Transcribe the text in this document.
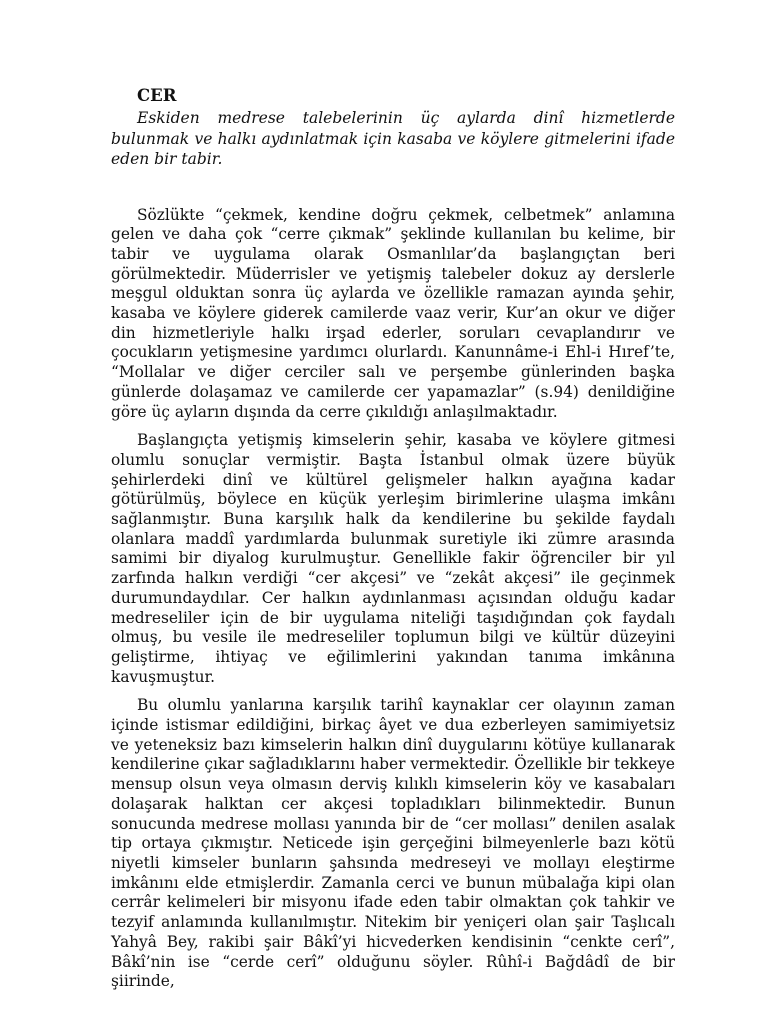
CER

Eskiden medrese talebelerinin üç aylarda dinî hizmetlerde bulunmak ve halkı aydınlatmak için kasaba ve köylere gitmelerini ifade eden bir tabir.

Sözlükte “çekmek, kendine doğru çekmek, celbetmek” anlamına gelen ve daha çok “cerre çıkmak” şeklinde kullanılan bu kelime, bir tabir ve uygulama olarak Osmanlılar’da başlangıçtan beri görülmektedir. Müderrisler ve yetişmiş talebeler dokuz ay derslerle meşgul olduktan sonra üç aylarda ve özellikle ramazan ayında şehir, kasaba ve köylere giderek camilerde vaaz verir, Kur’an okur ve diğer din hizmetleriyle halkı irşad ederler, soruları cevaplandırır ve çocukların yetişmesine yardımcı olurlardı. Kanunnâme-i Ehl-i Hıref’te, “Mollalar ve diğer cerciler salı ve perşembe günlerinden başka günlerde dolaşamaz ve camilerde cer yapamazlar” (s.94) denildiğine göre üç ayların dışında da cerre çıkıldığı anlaşılmaktadır.

Başlangıçta yetişmiş kimselerin şehir, kasaba ve köylere gitmesi olumlu sonuçlar vermiştir. Başta İstanbul olmak üzere büyük şehirlerdeki dinî ve kültürel gelişmeler halkın ayağına kadar götürülmüş, böylece en küçük yerleşim birimlerine ulaşma imkânı sağlanmıştır. Buna karşılık halk da kendilerine bu şekilde faydalı olanlara maddî yardımlarda bulunmak suretiyle iki zümre arasında samimi bir diyalog kurulmuştur. Genellikle fakir öğrenciler bir yıl zarfında halkın verdiği “cer akçesi” ve “zekât akçesi” ile geçinmek durumundaydılar. Cer halkın aydınlanması açısından olduğu kadar medreseliler için de bir uygulama niteliği taşıdığından çok faydalı olmuş, bu vesile ile medreseliler toplumun bilgi ve kültür düzeyini geliştirme, ihtiyaç ve eğilimlerini yakından tanıma imkânına kavuşmuştur.

Bu olumlu yanlarına karşılık tarihî kaynaklar cer olayının zaman içinde istismar edildiğini, birkaç âyet ve dua ezberleyen samimiyetsiz ve yeteneksiz bazı kimselerin halkın dinî duygularını kötüye kullanarak kendilerine çıkar sağladıklarını haber vermektedir. Özellikle bir tekkeye mensup olsun veya olmasın derviş kılıklı kimselerin köy ve kasabaları dolaşarak halktan cer akçesi topladıkları bilinmektedir. Bunun sonucunda medrese mollası yanında bir de “cer mollası” denilen asalak tip ortaya çıkmıştır. Neticede işin gerçeğini bilmeyenlerle bazı kötü niyetli kimseler bunların şahsında medreseyi ve mollayı eleştirme imkânını elde etmişlerdir. Zamanla cerci ve bunun mübalağa kipi olan cerrâr kelimeleri bir misyonu ifade eden tabir olmaktan çok tahkir ve tezyif anlamında kullanılmıştır. Nitekim bir yeniçeri olan şair Taşlıcalı Yahyâ Bey, rakibi şair Bâkî’yi hicvederken kendisinin “cenkte cerî”, Bâkî’nin ise “cerde cerî” olduğunu söyler. Rûhî-i Bağdâdî de bir şiirinde,
